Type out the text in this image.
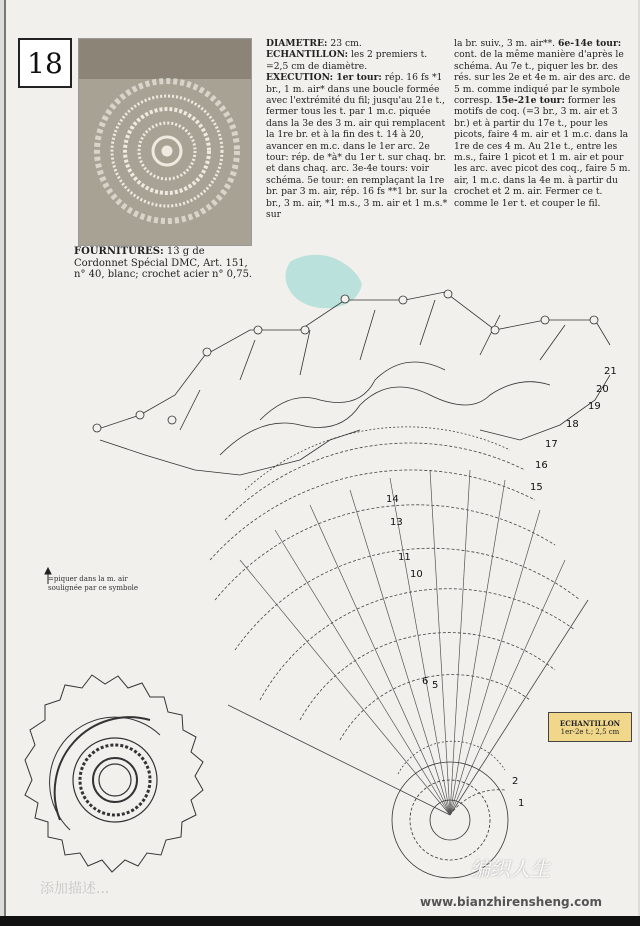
18
FOURNITURES: 13 g de Cordonnet Spécial DMC, Art. 151, n° 40, blanc; crochet acier n° 0,75.
DIAMETRE: 23 cm.
ECHANTILLON: les 2 premiers t. =2,5 cm de diamètre.
EXECUTION: 1er tour: rép. 16 fs *1 br., 1 m. air* dans une boucle formée avec l'extrémité du fil; jusqu'au 21e t., fermer tous les t. par 1 m.c. piquée dans la 3e des 3 m. air qui remplacent la 1re br. et à la fin des t. 14 à 20, avancer en m.c. dans le 1er arc. 2e tour: rép. de *à* du 1er t. sur chaq. br. et dans chaq. arc. 3e-4e tours: voir schéma. 5e tour: en remplaçant la 1re br. par 3 m. air, rép. 16 fs **1 br. sur la br., 3 m. air, *1 m.s., 3 m. air et 1 m.s.* sur
la br. suiv., 3 m. air**. 6e-14e tour: cont. de la même manière d'après le schéma. Au 7e t., piquer les br. des rés. sur les 2e et 4e m. air des arc. de 5 m. comme indiqué par le symbole corresp. 15e-21e tour: former les motifs de coq. (=3 br., 3 m. air et 3 br.) et à partir du 17e t., pour les picots, faire 4 m. air et 1 m.c. dans la 1re de ces 4 m. Au 21e t., entre les m.s., faire 1 picot et 1 m. air et pour les arc. avec picot des coq., faire 5 m. air, 1 m.c. dans la 4e m. à partir du crochet et 2 m. air. Fermer ce t. comme le 1er t. et couper le fil.
1
2
5
6
10
11
13
14
15
16
17
18
19
20
21
=piquer dans la m. air soulignée par ce symbole
ECHANTILLON
1er-2e t.; 2,5 cm
编织人生
www.bianzhirensheng.com
添加描述...
